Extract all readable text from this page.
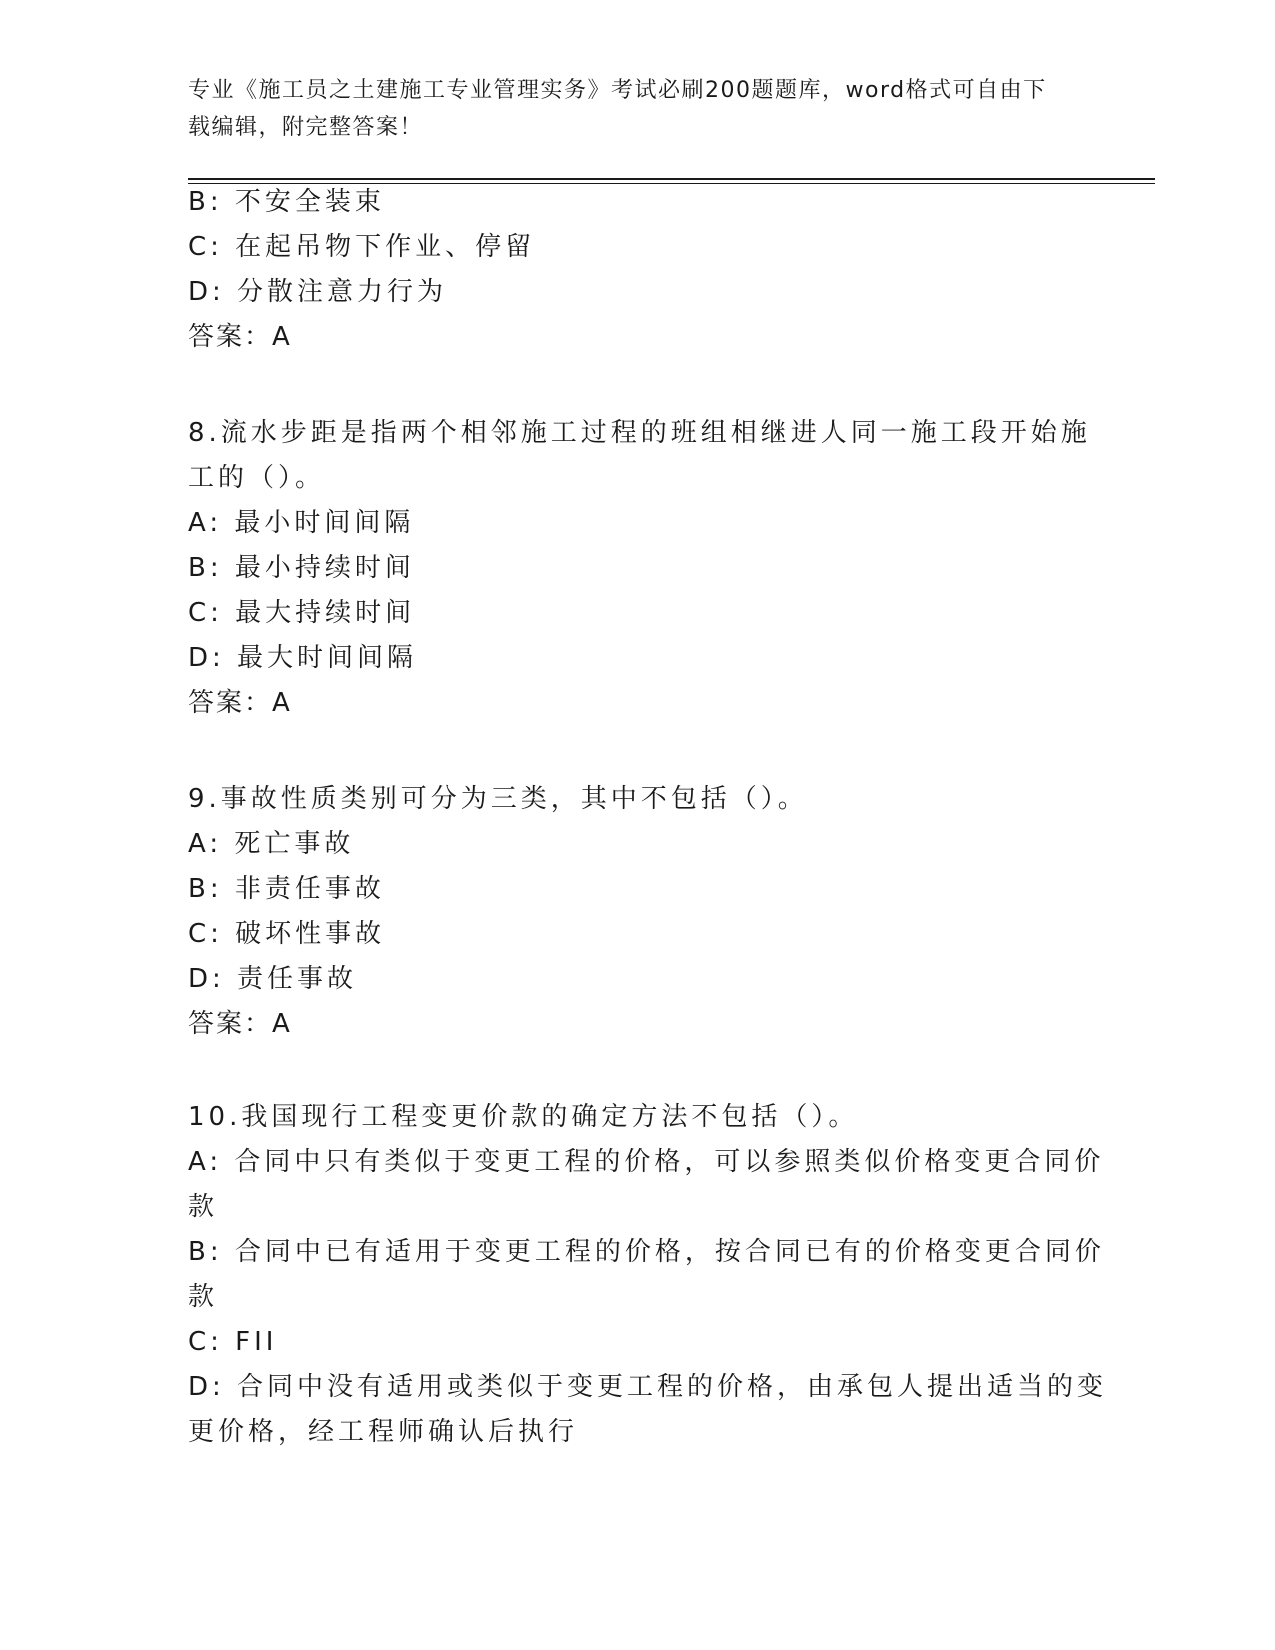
专业《施工员之土建施工专业管理实务》考试必刷200题题库，word格式可自由下载编辑，附完整答案！
B: 不安全装束
C: 在起吊物下作业、停留
D: 分散注意力行为
答案：A
8.流水步距是指两个相邻施工过程的班组相继进人同一施工段开始施
工的（）。
A: 最小时间间隔
B: 最小持续时间
C: 最大持续时间
D: 最大时间间隔
答案：A
9.事故性质类别可分为三类，其中不包括（）。
A: 死亡事故
B: 非责任事故
C: 破坏性事故
D: 责任事故
答案：A
10.我国现行工程变更价款的确定方法不包括（）。
A: 合同中只有类似于变更工程的价格，可以参照类似价格变更合同价
款
B: 合同中已有适用于变更工程的价格，按合同已有的价格变更合同价
款
C: FII
D: 合同中没有适用或类似于变更工程的价格，由承包人提出适当的变
更价格，经工程师确认后执行
